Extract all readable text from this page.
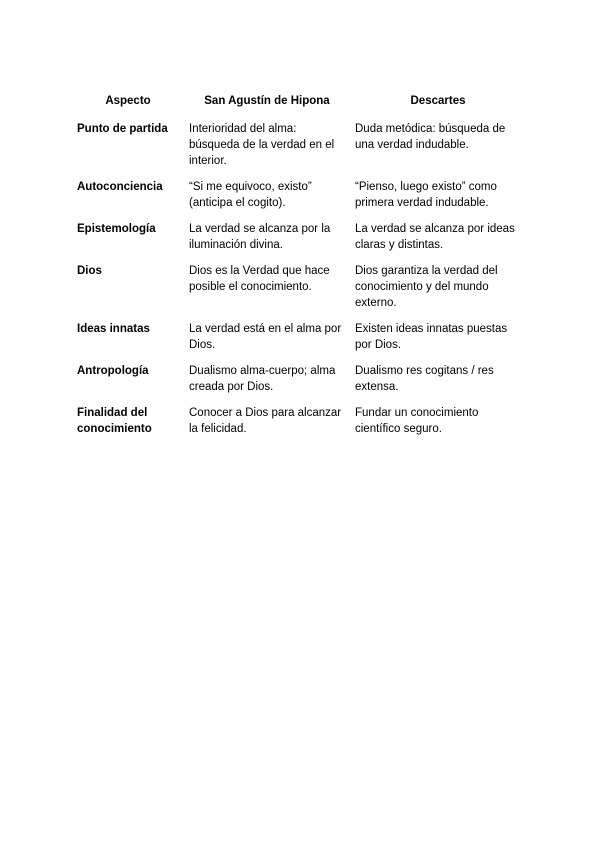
Aspecto	San Agustín de Hipona	Descartes
Punto de partida	Interioridad del alma: búsqueda de la verdad en el interior.	Duda metódica: búsqueda de una verdad indudable.
Autoconciencia	“Si me equivoco, existo” (anticipa el cogito).	“Pienso, luego existo” como primera verdad indudable.
Epistemología	La verdad se alcanza por la iluminación divina.	La verdad se alcanza por ideas claras y distintas.
Dios	Dios es la Verdad que hace posible el conocimiento.	Dios garantiza la verdad del conocimiento y del mundo externo.
Ideas innatas	La verdad está en el alma por Dios.	Existen ideas innatas puestas por Dios.
Antropología	Dualismo alma-cuerpo; alma creada por Dios.	Dualismo res cogitans / res extensa.
Finalidad del conocimiento	Conocer a Dios para alcanzar la felicidad.	Fundar un conocimiento científico seguro.
